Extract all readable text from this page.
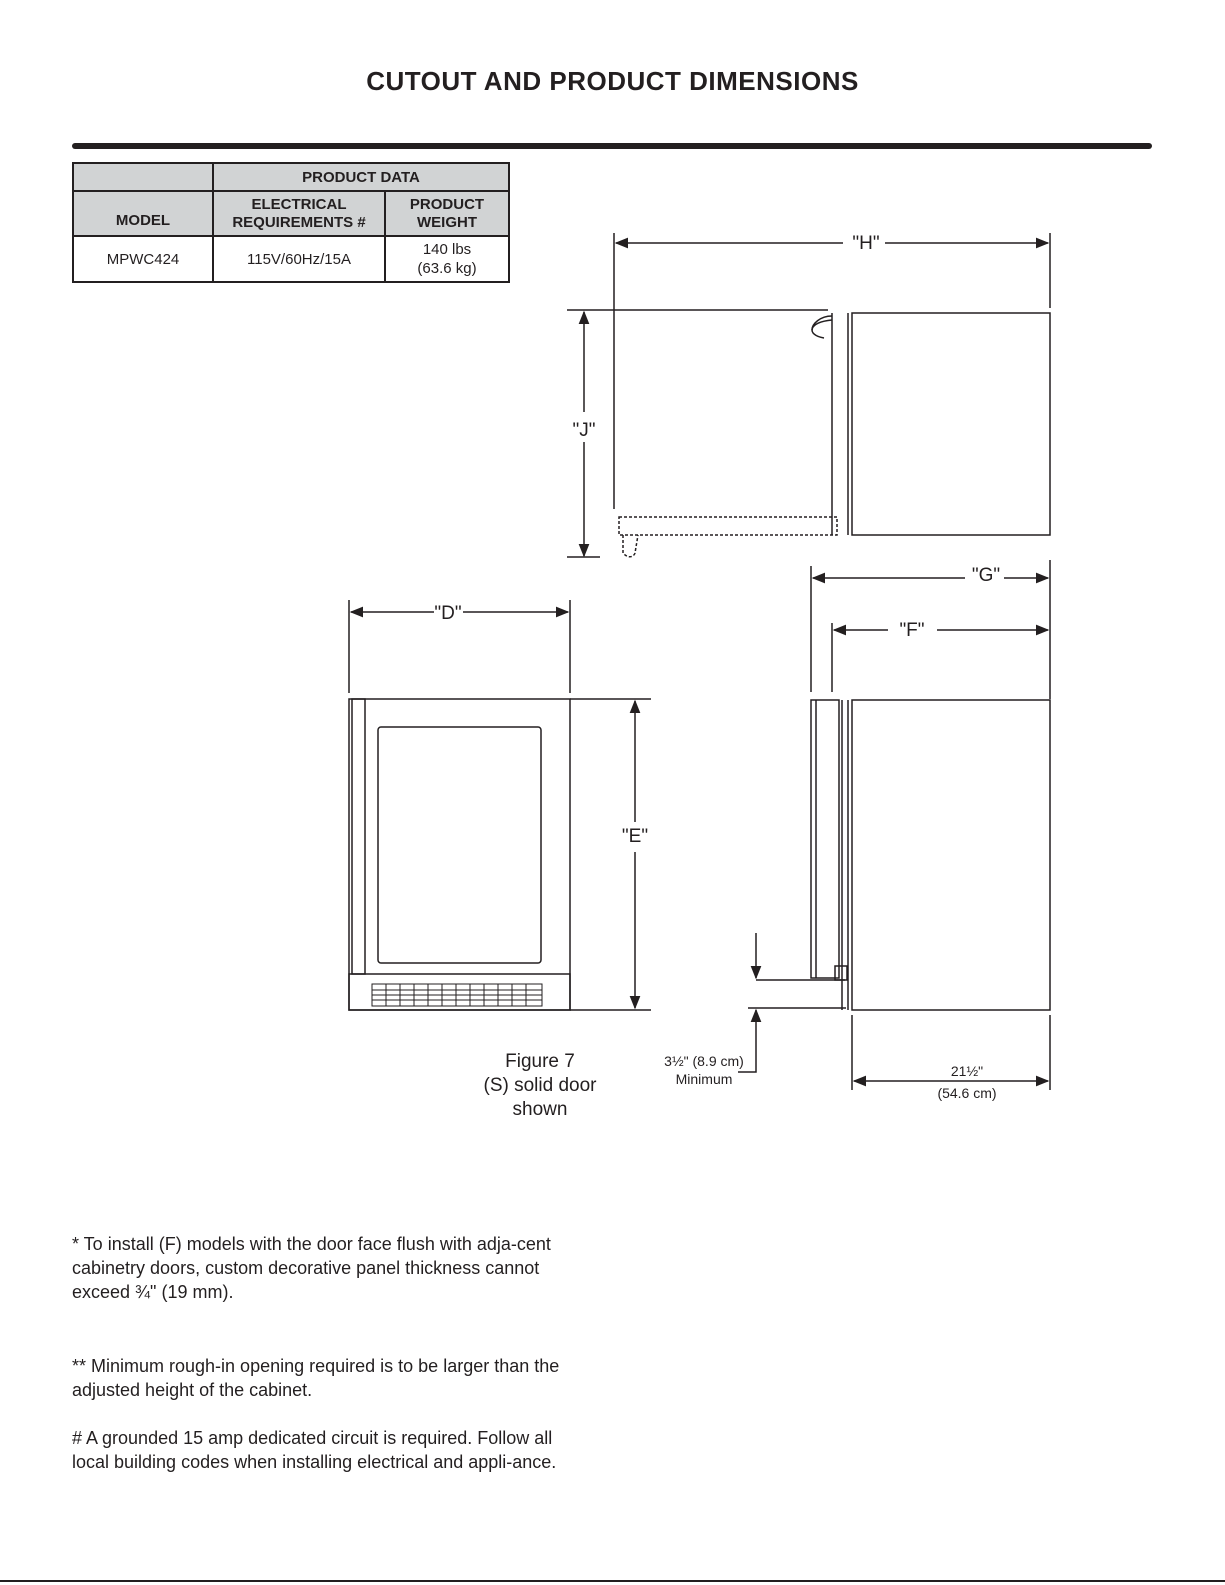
CUTOUT AND PRODUCT DIMENSIONS
	PRODUCT DATA	
MODEL	ELECTRICAL REQUIREMENTS #	PRODUCT WEIGHT
MPWC424	115V/60Hz/15A	140 lbs
(63.6 kg)
"H"
"J"
"D"
"E"
"G"
"F"
3½" (8.9 cm)
Minimum	21½"
(54.6 cm)
Figure 7
(S) solid door
shown
* To install (F) models with the door face flush with adja-cent cabinetry doors, custom decorative panel thickness cannot exceed ¾" (19 mm).
** Minimum rough-in opening required is to be larger than the adjusted height of the cabinet.
# A grounded 15 amp dedicated circuit is required. Follow all local building codes when installing electrical and appli-ance.
